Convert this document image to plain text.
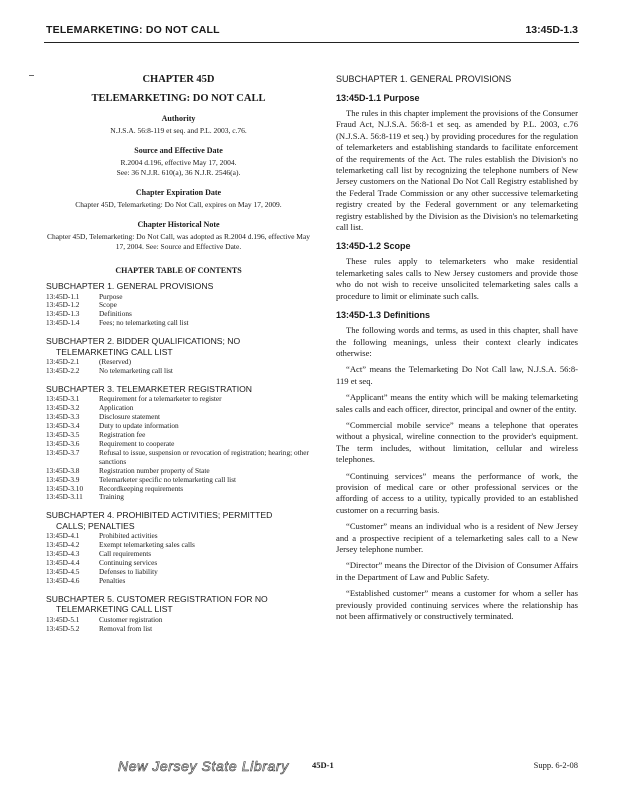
TELEMARKETING: DO NOT CALL	13:45D-1.3
CHAPTER 45D
TELEMARKETING: DO NOT CALL
Authority
N.J.S.A. 56:8-119 et seq. and P.L. 2003, c.76.
Source and Effective Date
R.2004 d.196, effective May 17, 2004.
See: 36 N.J.R. 610(a), 36 N.J.R. 2546(a).
Chapter Expiration Date
Chapter 45D, Telemarketing: Do Not Call, expires on May 17, 2009.
Chapter Historical Note
Chapter 45D, Telemarketing: Do Not Call, was adopted as R.2004 d.196, effective May 17, 2004. See: Source and Effective Date.
CHAPTER TABLE OF CONTENTS
SUBCHAPTER 1. GENERAL PROVISIONS
13:45D-1.1	Purpose
13:45D-1.2	Scope
13:45D-1.3	Definitions
13:45D-1.4	Fees; no telemarketing call list
SUBCHAPTER 2. BIDDER QUALIFICATIONS; NO
TELEMARKETING CALL LIST
13:45D-2.1	(Reserved)
13:45D-2.2	No telemarketing call list
SUBCHAPTER 3. TELEMARKETER REGISTRATION
13:45D-3.1	Requirement for a telemarketer to register
13:45D-3.2	Application
13:45D-3.3	Disclosure statement
13:45D-3.4	Duty to update information
13:45D-3.5	Registration fee
13:45D-3.6	Requirement to cooperate
13:45D-3.7	Refusal to issue, suspension or revocation of registration; hearing; other sanctions
13:45D-3.8	Registration number property of State
13:45D-3.9	Telemarketer specific no telemarketing call list
13:45D-3.10	Recordkeeping requirements
13:45D-3.11	Training
SUBCHAPTER 4. PROHIBITED ACTIVITIES; PERMITTED
CALLS; PENALTIES
13:45D-4.1	Prohibited activities
13:45D-4.2	Exempt telemarketing sales calls
13:45D-4.3	Call requirements
13:45D-4.4	Continuing services
13:45D-4.5	Defenses to liability
13:45D-4.6	Penalties
SUBCHAPTER 5. CUSTOMER REGISTRATION FOR NO
TELEMARKETING CALL LIST
13:45D-5.1	Customer registration
13:45D-5.2	Removal from list
SUBCHAPTER 1. GENERAL PROVISIONS
13:45D-1.1 Purpose

The rules in this chapter implement the provisions of the Consumer Fraud Act, N.J.S.A. 56:8-1 et seq. as amended by P.L. 2003, c.76 (N.J.S.A. 56:8-119 et seq.) by providing procedures for the regulation of telemarketers and establishing standards to facilitate enforcement of the requirements of the Act. The rules establish the Division's no telemarketing call list by recognizing the telephone numbers of New Jersey customers on the National Do Not Call Registry established by the Federal Trade Commission or any other successive telemarketing registry created by the Federal government or any telemarketing registry established by the Division as the Division's no telemarketing call list.

13:45D-1.2 Scope

These rules apply to telemarketers who make residential telemarketing sales calls to New Jersey customers and provide those who do not wish to receive unsolicited telemarketing sales calls a procedure to limit or eliminate such calls.

13:45D-1.3 Definitions

The following words and terms, as used in this chapter, shall have the following meanings, unless their context clearly indicates otherwise:

“Act” means the Telemarketing Do Not Call law, N.J.S.A. 56:8-119 et seq.

“Applicant” means the entity which will be making telemarketing sales calls and each officer, director, principal and owner of the entity.

“Commercial mobile service” means a telephone that operates without a physical, wireline connection to the provider's equipment. The term includes, without limitation, cellular and wireless telephones.

“Continuing services” means the performance of work, the provision of medical care or other professional services or the affording of access to a utility, typically provided to an established customer on a recurring basis.

“Customer” means an individual who is a resident of New Jersey and a prospective recipient of a telemarketing sales call to a New Jersey telephone number.

“Director” means the Director of the Division of Consumer Affairs in the Department of Law and Public Safety.

“Established customer” means a customer for whom a seller has previously provided continuing services where the relationship has not been affirmatively or constructively terminated.

New Jersey State Library	45D-1	Supp. 6-2-08
